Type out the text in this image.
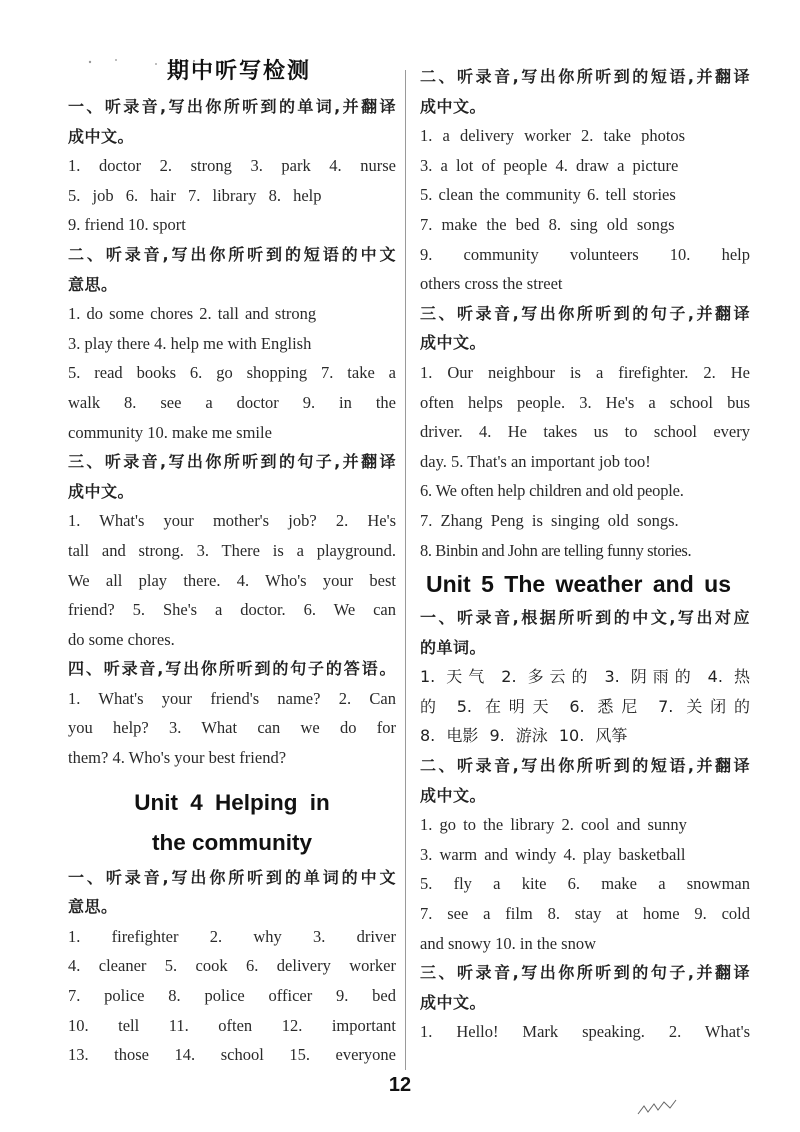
期中听写检测
一、听录音,写出你所听到的单词,并翻译
成中文。
1. doctor 2. strong 3. park 4. nurse
5. job 6. hair 7. library 8. help
9. friend 10. sport
二、听录音,写出你所听到的短语的中文
意思。
1. do some chores 2. tall and strong
3. play there 4. help me with English
5. read books 6. go shopping 7. take a
walk 8. see a doctor 9. in the
community 10. make me smile
三、听录音,写出你所听到的句子,并翻译
成中文。
1. What's your mother's job? 2. He's
tall and strong. 3. There is a playground.
We all play there. 4. Who's your best
friend? 5. She's a doctor. 6. We can
do some chores.
四、听录音,写出你所听到的句子的答语。
1. What's your friend's name? 2. Can
you help? 3. What can we do for
them? 4. Who's your best friend?
Unit 4 Helping in
the community
一、听录音,写出你所听到的单词的中文
意思。
1. firefighter 2. why 3. driver
4. cleaner 5. cook 6. delivery worker
7. police 8. police officer 9. bed
10. tell 11. often 12. important
13. those 14. school 15. everyone
二、听录音,写出你所听到的短语,并翻译
成中文。
1. a delivery worker 2. take photos
3. a lot of people 4. draw a picture
5. clean the community 6. tell stories
7. make the bed 8. sing old songs
9. community volunteers 10. help
others cross the street
三、听录音,写出你所听到的句子,并翻译
成中文。
1. Our neighbour is a firefighter. 2. He
often helps people. 3. He's a school bus
driver. 4. He takes us to school every
day. 5. That's an important job too!
6. We often help children and old people.
7. Zhang Peng is singing old songs.
8. Binbin and John are telling funny stories.
Unit 5 The weather and us
一、听录音,根据所听到的中文,写出对应
的单词。
1. 天气 2. 多云的 3. 阴雨的 4. 热
的 5. 在明天 6. 悉尼 7. 关闭的
8. 电影 9. 游泳 10. 风筝
二、听录音,写出你所听到的短语,并翻译
成中文。
1. go to the library 2. cool and sunny
3. warm and windy 4. play basketball
5. fly a kite 6. make a snowman
7. see a film 8. stay at home 9. cold
and snowy 10. in the snow
三、听录音,写出你所听到的句子,并翻译
成中文。
1. Hello! Mark speaking. 2. What's
12
